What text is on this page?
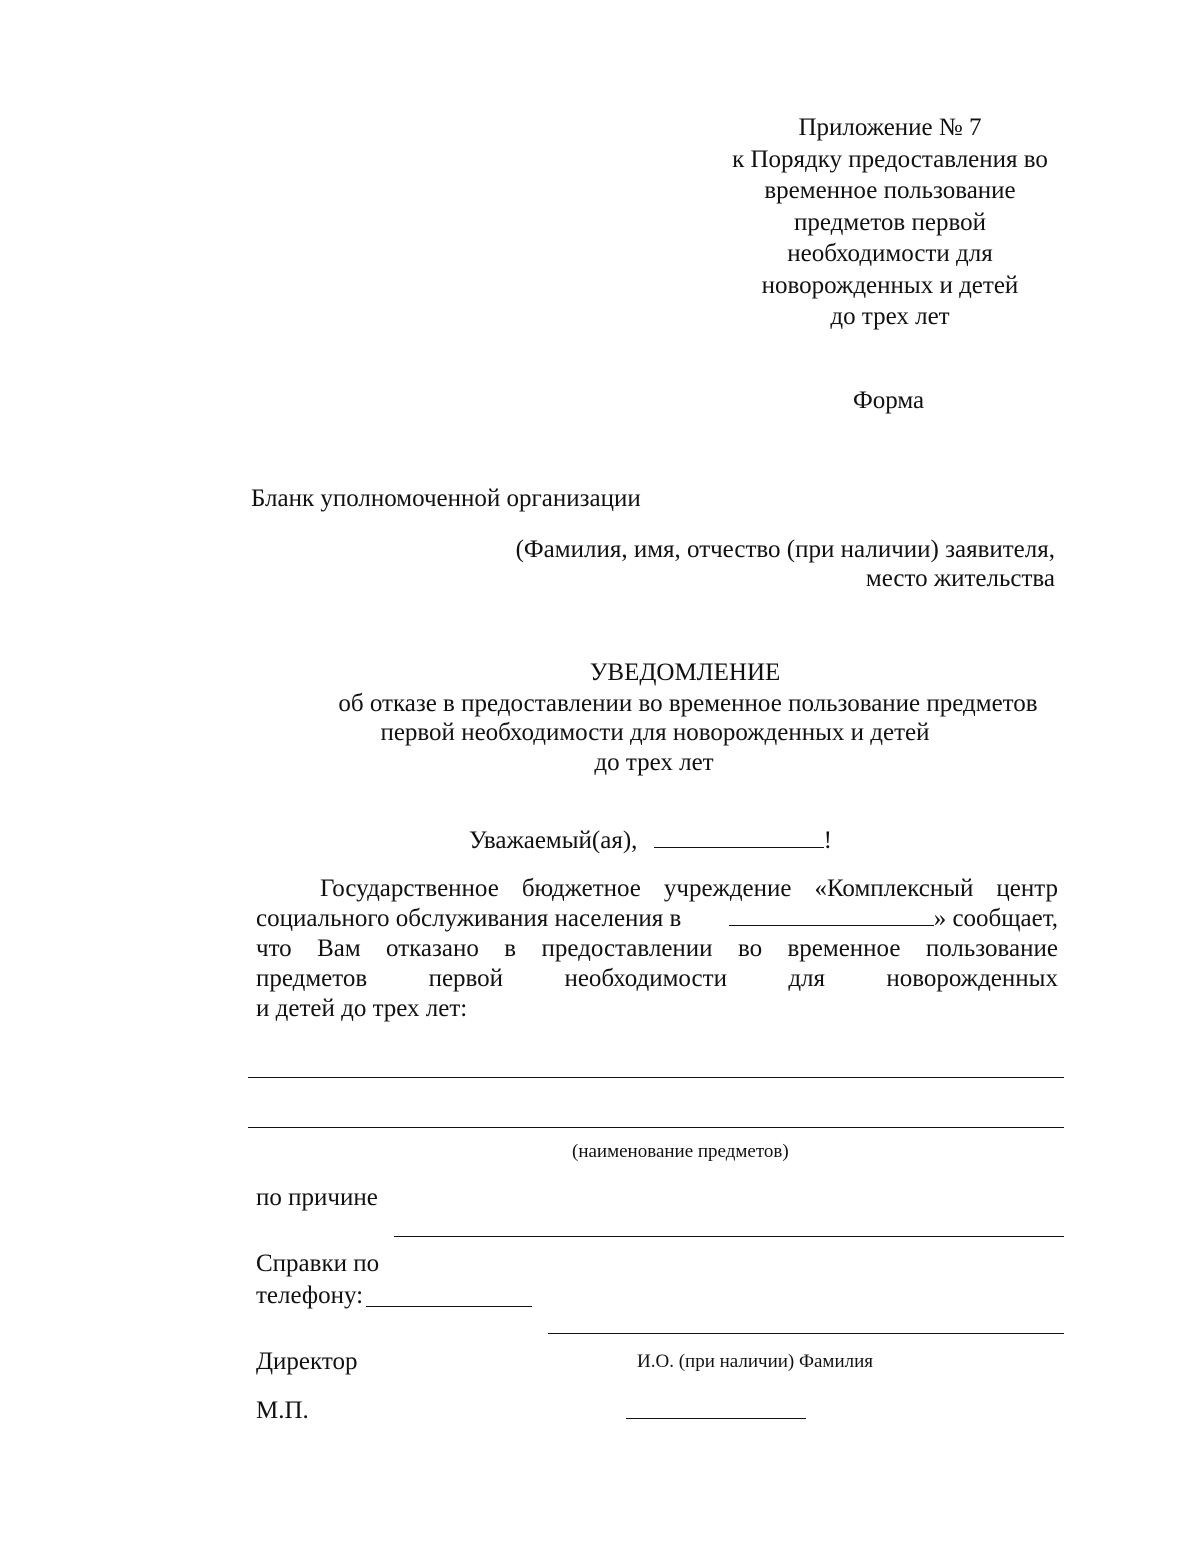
Приложение № 7
к Порядку предоставления во
временное пользование
предметов первой
необходимости для
новорожденных и детей
до трех лет
Форма
Бланк уполномоченной организации
(Фамилия, имя, отчество (при наличии) заявителя,
место жительства
УВЕДОМЛЕНИЕ
об отказе в предоставлении во временное пользование предметов
первой необходимости для новорожденных и детей
до трех лет
Уважаемый(ая),	!
Государственное бюджетное учреждение «Комплексный центр
социального обслуживания населения в	» сообщает,
что Вам отказано в предоставлении во временное пользование
предметов первой необходимости для новорожденных
и детей до трех лет:
(наименование предметов)
по причине
Справки по
телефону:
Директор	И.О. (при наличии) Фамилия
М.П.
